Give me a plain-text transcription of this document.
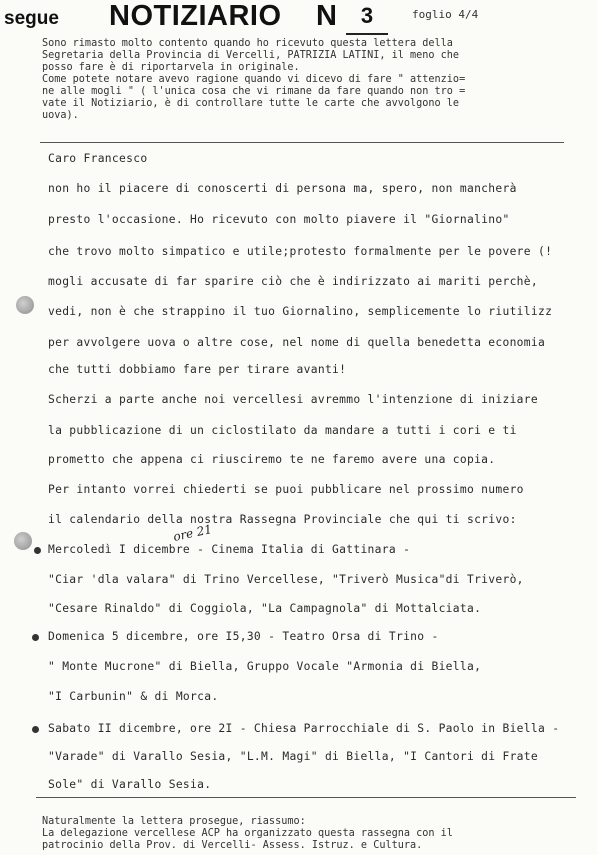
segue NOTIZIARIO N	3	foglio 4/4
Sono rimasto molto contento quando ho ricevuto questa lettera della
Segretaria della Provincia di Vercelli, PATRIZIA LATINI, il meno che
posso fare è di riportarvela in originale.
Come potete notare avevo ragione quando vi dicevo di fare " attenzio=
ne alle mogli " ( l'unica cosa che vi rimane da fare quando non tro =
vate il Notiziario, è di controllare tutte le carte che avvolgono le
uova).
Caro Francesco
non ho il piacere di conoscerti di persona ma, spero, non mancherà
presto l'occasione. Ho ricevuto con molto piavere il "Giornalino"
che trovo molto simpatico e utile;protesto formalmente per le povere (!
mogli accusate di far sparire ciò che è indirizzato ai mariti perchè,
vedi, non è che strappino il tuo Giornalino, semplicemente lo riutilizz
per avvolgere uova o altre cose, nel nome di quella benedetta economia
che tutti dobbiamo fare per tirare avanti!
Scherzi a parte anche noi vercellesi avremmo l'intenzione di iniziare
la pubblicazione di un ciclostilato da mandare a tutti i cori e ti
prometto che appena ci riusciremo te ne faremo avere una copia.
Per intanto vorrei chiederti se puoi pubblicare nel prossimo numero
il calendario della nostra Rassegna Provinciale che qui ti scrivo:
ore 21
Mercoledì I dicembre - Cinema Italia di Gattinara -
"Ciar 'dla valara" di Trino Vercellese, "Triverò Musica"di Triverò,
"Cesare Rinaldo" di Coggiola, "La Campagnola" di Mottalciata.
Domenica 5 dicembre, ore I5,30 - Teatro Orsa di Trino -
" Monte Mucrone" di Biella, Gruppo Vocale "Armonia di Biella,
"I Carbunin" & di Morca.
Sabato II dicembre, ore 2I - Chiesa Parrocchiale di S. Paolo in Biella -
"Varade" di Varallo Sesia, "L.M. Magi" di Biella, "I Cantori di Frate
Sole" di Varallo Sesia.
Naturalmente la lettera prosegue, riassumo:
La delegazione vercellese ACP ha organizzato questa rassegna con il
patrocinio della Prov. di Vercelli- Assess. Istruz. e Cultura.
